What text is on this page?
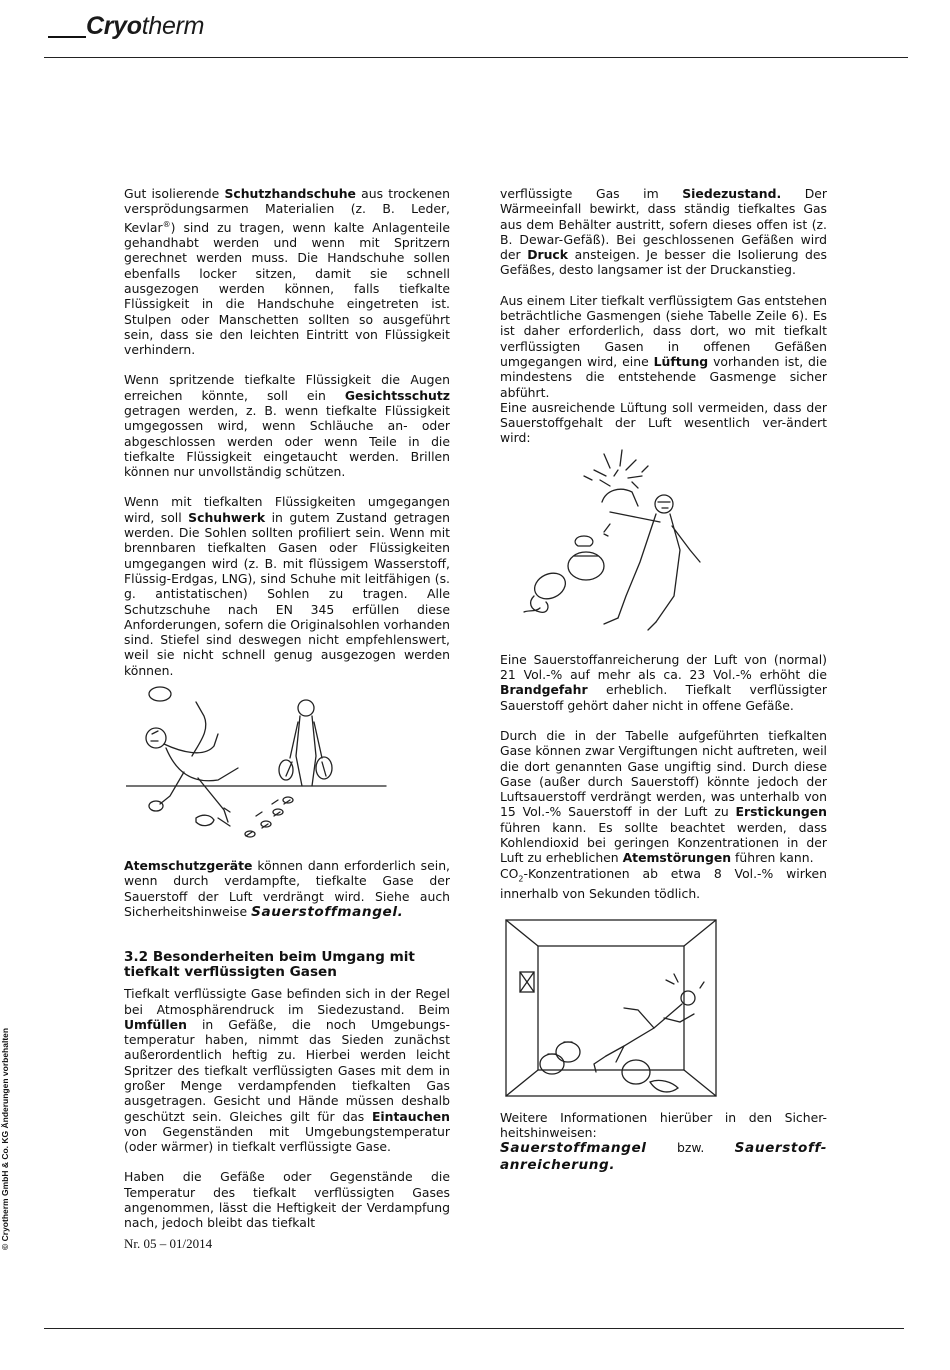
Cryotherm

Gut isolierende Schutzhandschuhe aus trockenen versprödungsarmen Materialien (z. B. Leder, Kevlar®) sind zu tragen, wenn kalte Anlagenteile gehandhabt werden und wenn mit Spritzern gerechnet werden muss. Die Handschuhe sollen ebenfalls locker sitzen, damit sie schnell ausgezogen werden können, falls tiefkalte Flüssigkeit in die Handschuhe eingetreten ist. Stulpen oder Manschetten sollten so ausgeführt sein, dass sie den leichten Eintritt von Flüssigkeit verhindern.

Wenn spritzende tiefkalte Flüssigkeit die Augen erreichen könnte, soll ein Gesichtsschutz getragen werden, z. B. wenn tiefkalte Flüssigkeit umgegossen wird, wenn Schläuche an- oder abgeschlossen werden oder wenn Teile in die tiefkalte Flüssigkeit eingetaucht werden. Brillen können nur unvollständig schützen.

Wenn mit tiefkalten Flüssigkeiten umgegangen wird, soll Schuhwerk in gutem Zustand getragen werden. Die Sohlen sollten profiliert sein. Wenn mit brennbaren tiefkalten Gasen oder Flüssigkeiten umgegangen wird (z. B. mit flüssigem Wasserstoff, Flüssig-Erdgas, LNG), sind Schuhe mit leitfähigen (s. g. antistatischen) Sohlen zu tragen. Alle Schutzschuhe nach EN 345 erfüllen diese Anforderungen, sofern die Originalsohlen vorhanden sind. Stiefel sind deswegen nicht empfehlenswert, weil sie nicht schnell genug ausgezogen werden können.

Atemschutzgeräte können dann erforderlich sein, wenn durch verdampfte, tiefkalte Gase der Sauerstoff der Luft verdrängt wird. Siehe auch Sicherheitshinweise Sauerstoffmangel.

3.2 Besonderheiten beim Umgang mit tiefkalt verflüssigten Gasen

Tiefkalt verflüssigte Gase befinden sich in der Regel bei Atmosphärendruck im Siedezustand. Beim Umfüllen in Gefäße, die noch Umgebungs-temperatur haben, nimmt das Sieden zunächst außerordentlich heftig zu. Hierbei werden leicht Spritzer des tiefkalt verflüssigten Gases mit dem in großer Menge verdampfenden tiefkalten Gas ausgetragen. Gesicht und Hände müssen deshalb geschützt sein. Gleiches gilt für das Eintauchen von Gegenständen mit Umgebungstemperatur (oder wärmer) in tiefkalt verflüssigte Gase.

Haben die Gefäße oder Gegenstände die Temperatur des tiefkalt verflüssigten Gases angenommen, lässt die Heftigkeit der Verdampfung nach, jedoch bleibt das tiefkalt

verflüssigte Gas im Siedezustand. Der Wärmeeinfall bewirkt, dass ständig tiefkaltes Gas aus dem Behälter austritt, sofern dieses offen ist (z. B. Dewar-Gefäß). Bei geschlossenen Gefäßen wird der Druck ansteigen. Je besser die Isolierung des Gefäßes, desto langsamer ist der Druckanstieg.

Aus einem Liter tiefkalt verflüssigtem Gas entstehen beträchtliche Gasmengen (siehe Tabelle Zeile 6). Es ist daher erforderlich, dass dort, wo mit tiefkalt verflüssigten Gasen in offenen Gefäßen umgegangen wird, eine Lüftung vorhanden ist, die mindestens die entstehende Gasmenge sicher abführt.

Eine ausreichende Lüftung soll vermeiden, dass der Sauerstoffgehalt der Luft wesentlich ver-ändert wird:

Eine Sauerstoffanreicherung der Luft von (normal) 21 Vol.-% auf mehr als ca. 23 Vol.-% erhöht die Brandgefahr erheblich. Tiefkalt verflüssigter Sauerstoff gehört daher nicht in offene Gefäße.

Durch die in der Tabelle aufgeführten tiefkalten Gase können zwar Vergiftungen nicht auftreten, weil die dort genannten Gase ungiftig sind. Durch diese Gase (außer durch Sauerstoff) könnte jedoch der Luftsauerstoff verdrängt werden, was unterhalb von 15 Vol.-% Sauerstoff in der Luft zu Erstickungen führen kann. Es sollte beachtet werden, dass Kohlendioxid bei geringen Konzentrationen in der Luft zu erheblichen Atemstörungen führen kann.

$CO_2$-Konzentrationen ab etwa 8 Vol.-% wirken innerhalb von Sekunden tödlich.

Weitere Informationen hierüber in den Sicher-heitshinweisen:

Sauerstoffmangel bzw. Sauerstoff-anreicherung.

Nr. 05 – 01/2014
© Cryotherm GmbH & Co. KG Änderungen vorbehalten
